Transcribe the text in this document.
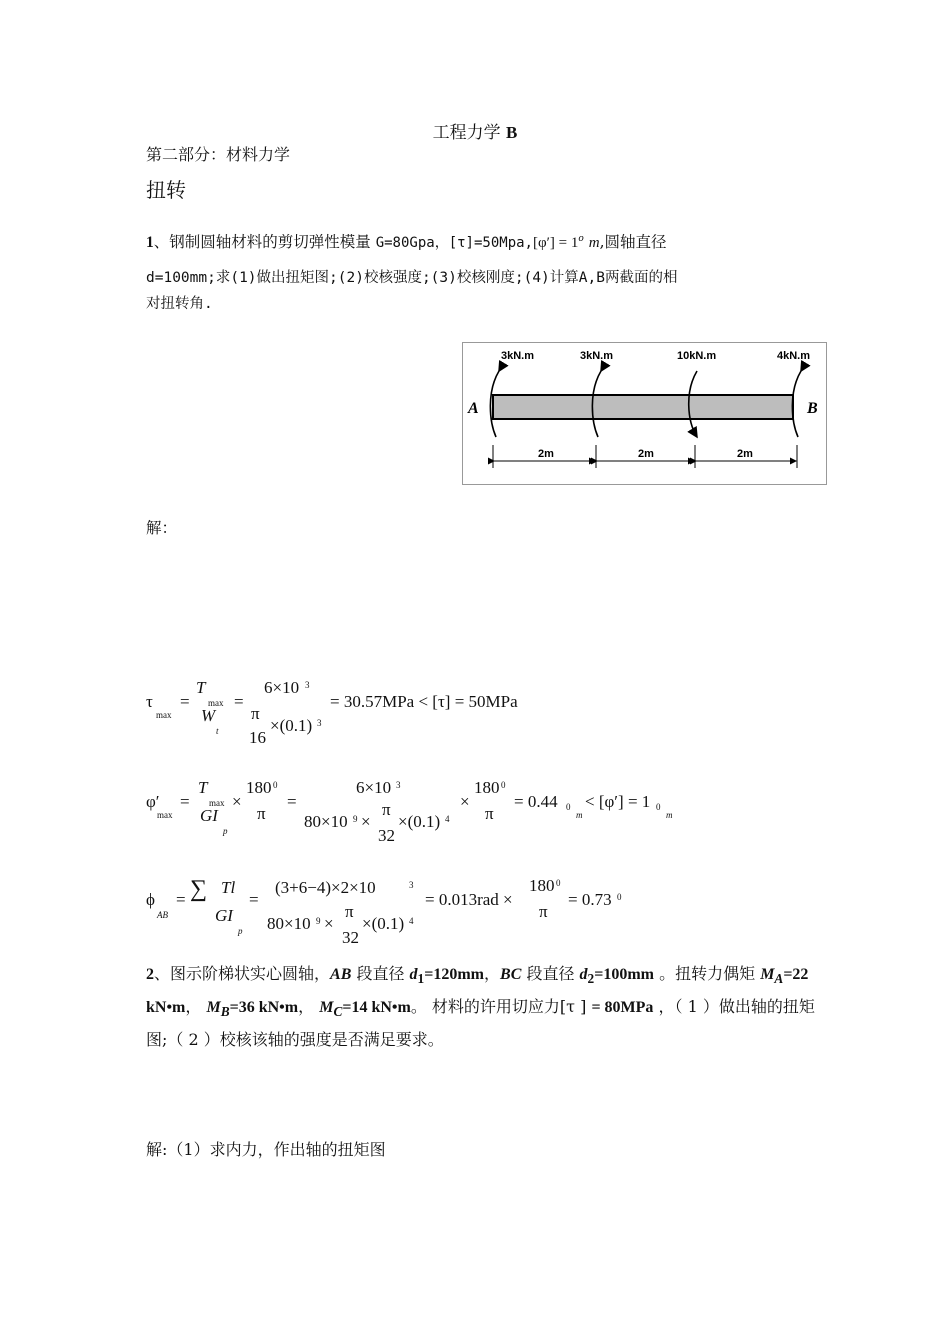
工程力学 B
第二部分：材料力学
扭转
1、钢制圆轴材料的剪切弹性模量 G=80Gpa，$[\tau]=50Mpa,[\varphi'] = 1^o$ m,圆轴直径
d=100mm;求(1)做出扭矩图;(2)校核强度;(3)校核刚度;(4)计算A,B两截面的相
对扭转角.
3kN.m	3kN.m	10kN.m	4kN.m
A	B
2m	2m	2m
解：
τ
max
=
T
max
W
t
=
6×10 3
π
16
×(0.1) 3
= 30.57MPa < [τ] = 50MPa
φ′
max
=
T
max
GI
p
×
180 0
π
=
6×10 3
80×10 9 ×
π
32
×(0.1) 4
×
180 0
π
= 0.44 0
m
< [φ′] = 1 0
m
ϕ
AB
= ∑ Tl
GI
p
=
(3+6−4)×2×10	3
80×10 9 ×
π
32
×(0.1) 4
= 0.013rad ×
180 0
π
= 0.73 0
2、图示阶梯状实心圆轴，AB 段直径 $d_1=120mm$，BC 段直径 $d_2=100mm$ 。扭转力偶矩 $M_A=22$ kN•m， $M_B=36$ kN•m， $M_C=14$ kN•m。 材料的许用切应力[τ ] = 80MPa ，（ 1 ）做出轴的扭矩图;（ 2 ）校核该轴的强度是否满足要求。
解:（1）求内力，作出轴的扭矩图
